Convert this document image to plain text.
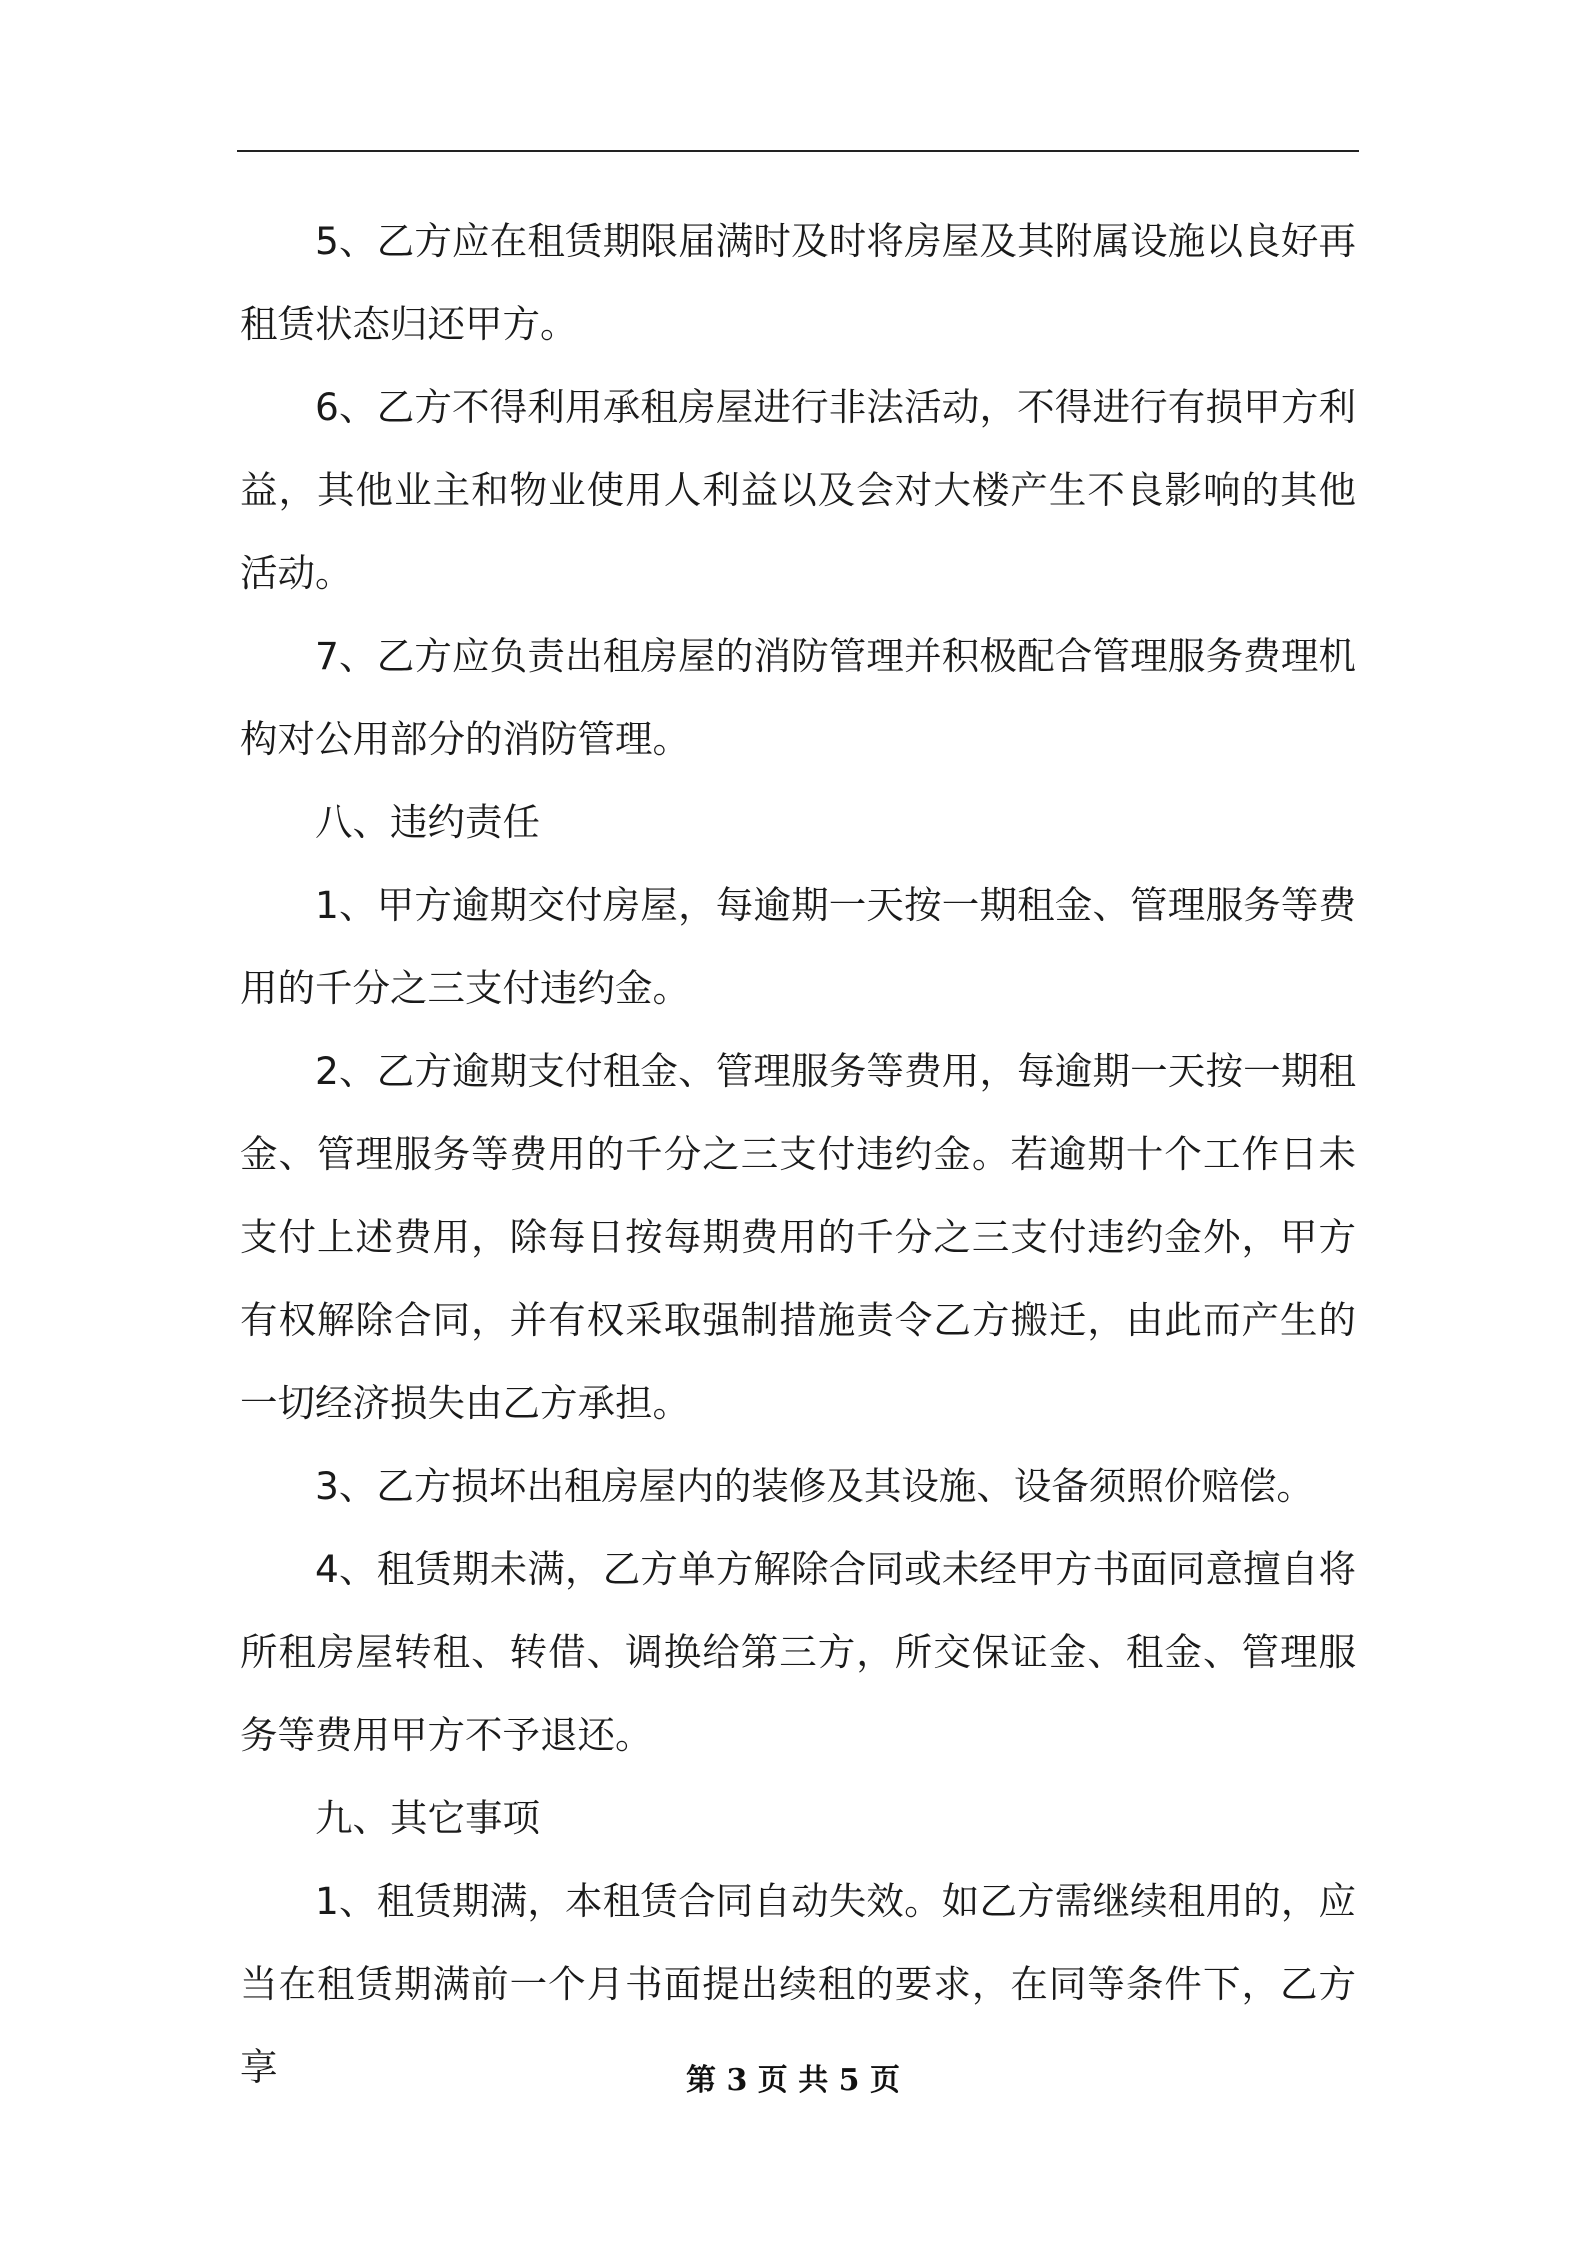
5、乙方应在租赁期限届满时及时将房屋及其附属设施以良好再租赁状态归还甲方。

6、乙方不得利用承租房屋进行非法活动，不得进行有损甲方利益，其他业主和物业使用人利益以及会对大楼产生不良影响的其他活动。

7、乙方应负责出租房屋的消防管理并积极配合管理服务费理机构对公用部分的消防管理。

八、违约责任

1、甲方逾期交付房屋，每逾期一天按一期租金、管理服务等费用的千分之三支付违约金。

2、乙方逾期支付租金、管理服务等费用，每逾期一天按一期租金、管理服务等费用的千分之三支付违约金。若逾期十个工作日未支付上述费用，除每日按每期费用的千分之三支付违约金外，甲方有权解除合同，并有权采取强制措施责令乙方搬迁，由此而产生的一切经济损失由乙方承担。

3、乙方损坏出租房屋内的装修及其设施、设备须照价赔偿。

4、租赁期未满，乙方单方解除合同或未经甲方书面同意擅自将所租房屋转租、转借、调换给第三方，所交保证金、租金、管理服务等费用甲方不予退还。

九、其它事项

1、租赁期满，本租赁合同自动失效。如乙方需继续租用的，应当在租赁期满前一个月书面提出续租的要求，在同等条件下，乙方享	第 3 页 共 5 页
